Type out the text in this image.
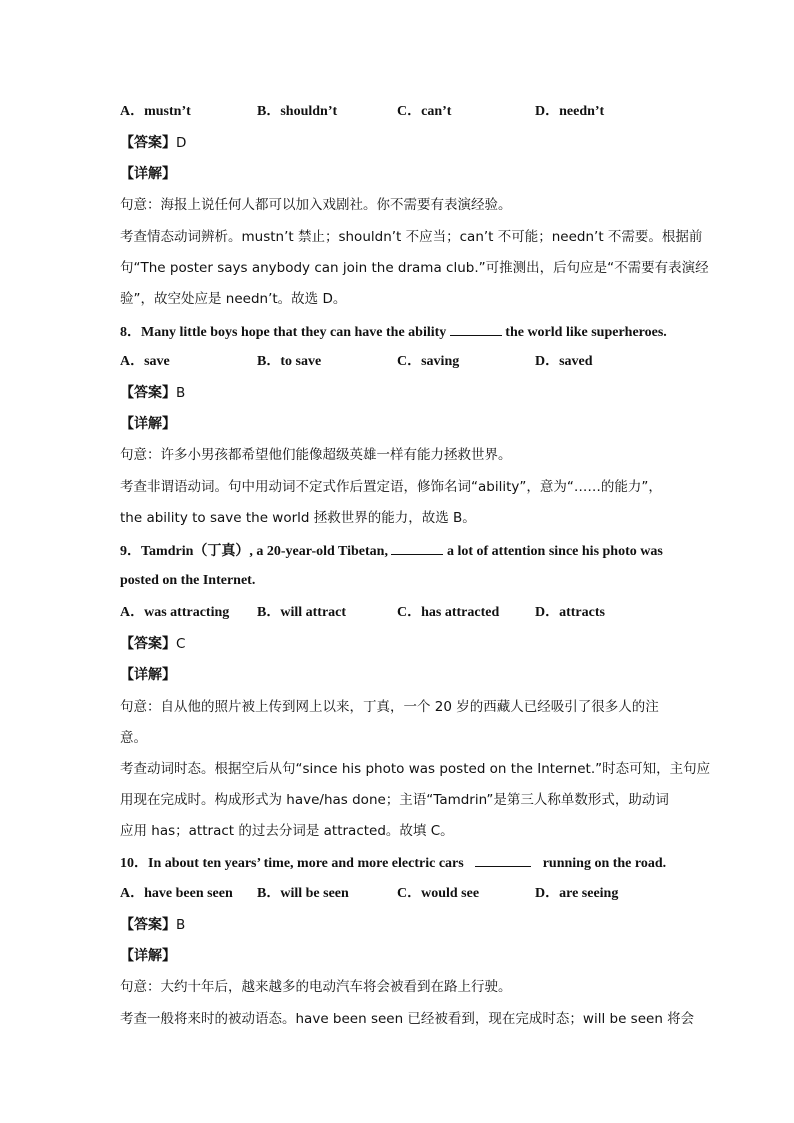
A．mustn’t	B．shouldn’t	C．can’t	D．needn’t
【答案】D
【详解】
句意：海报上说任何人都可以加入戏剧社。你不需要有表演经验。
考查情态动词辨析。mustn’t 禁止；shouldn’t 不应当；can’t 不可能；needn’t 不需要。根据前
句“The poster says anybody can join the drama club.”可推测出，后句应是“不需要有表演经
验”，故空处应是 needn’t。故选 D。
8．Many little boys hope that they can have the ability	the world like superheroes.
A．save	B．to save	C．saving	D．saved
【答案】B
【详解】
句意：许多小男孩都希望他们能像超级英雄一样有能力拯救世界。
考查非谓语动词。句中用动词不定式作后置定语，修饰名词“ability”，意为“……的能力”，
the ability to save the world 拯救世界的能力，故选 B。
9．Tamdrin（丁真）, a 20-year-old Tibetan,	a lot of attention since his photo was
posted on the Internet.
A．was attracting B．will attract	C．has attracted	D．attracts
【答案】C
【详解】
句意：自从他的照片被上传到网上以来，丁真，一个 20 岁的西藏人已经吸引了很多人的注
意。
考查动词时态。根据空后从句“since his photo was posted on the Internet.”时态可知，主句应
用现在完成时。构成形式为 have/has done；主语“Tamdrin”是第三人称单数形式，助动词
应用 has；attract 的过去分词是 attracted。故填 C。
10．In about ten years’ time, more and more electric cars	running on the road.
A．have been seen B．will be seen	C．would see	D．are seeing
【答案】B
【详解】
句意：大约十年后，越来越多的电动汽车将会被看到在路上行驶。
考查一般将来时的被动语态。have been seen 已经被看到，现在完成时态；will be seen 将会
